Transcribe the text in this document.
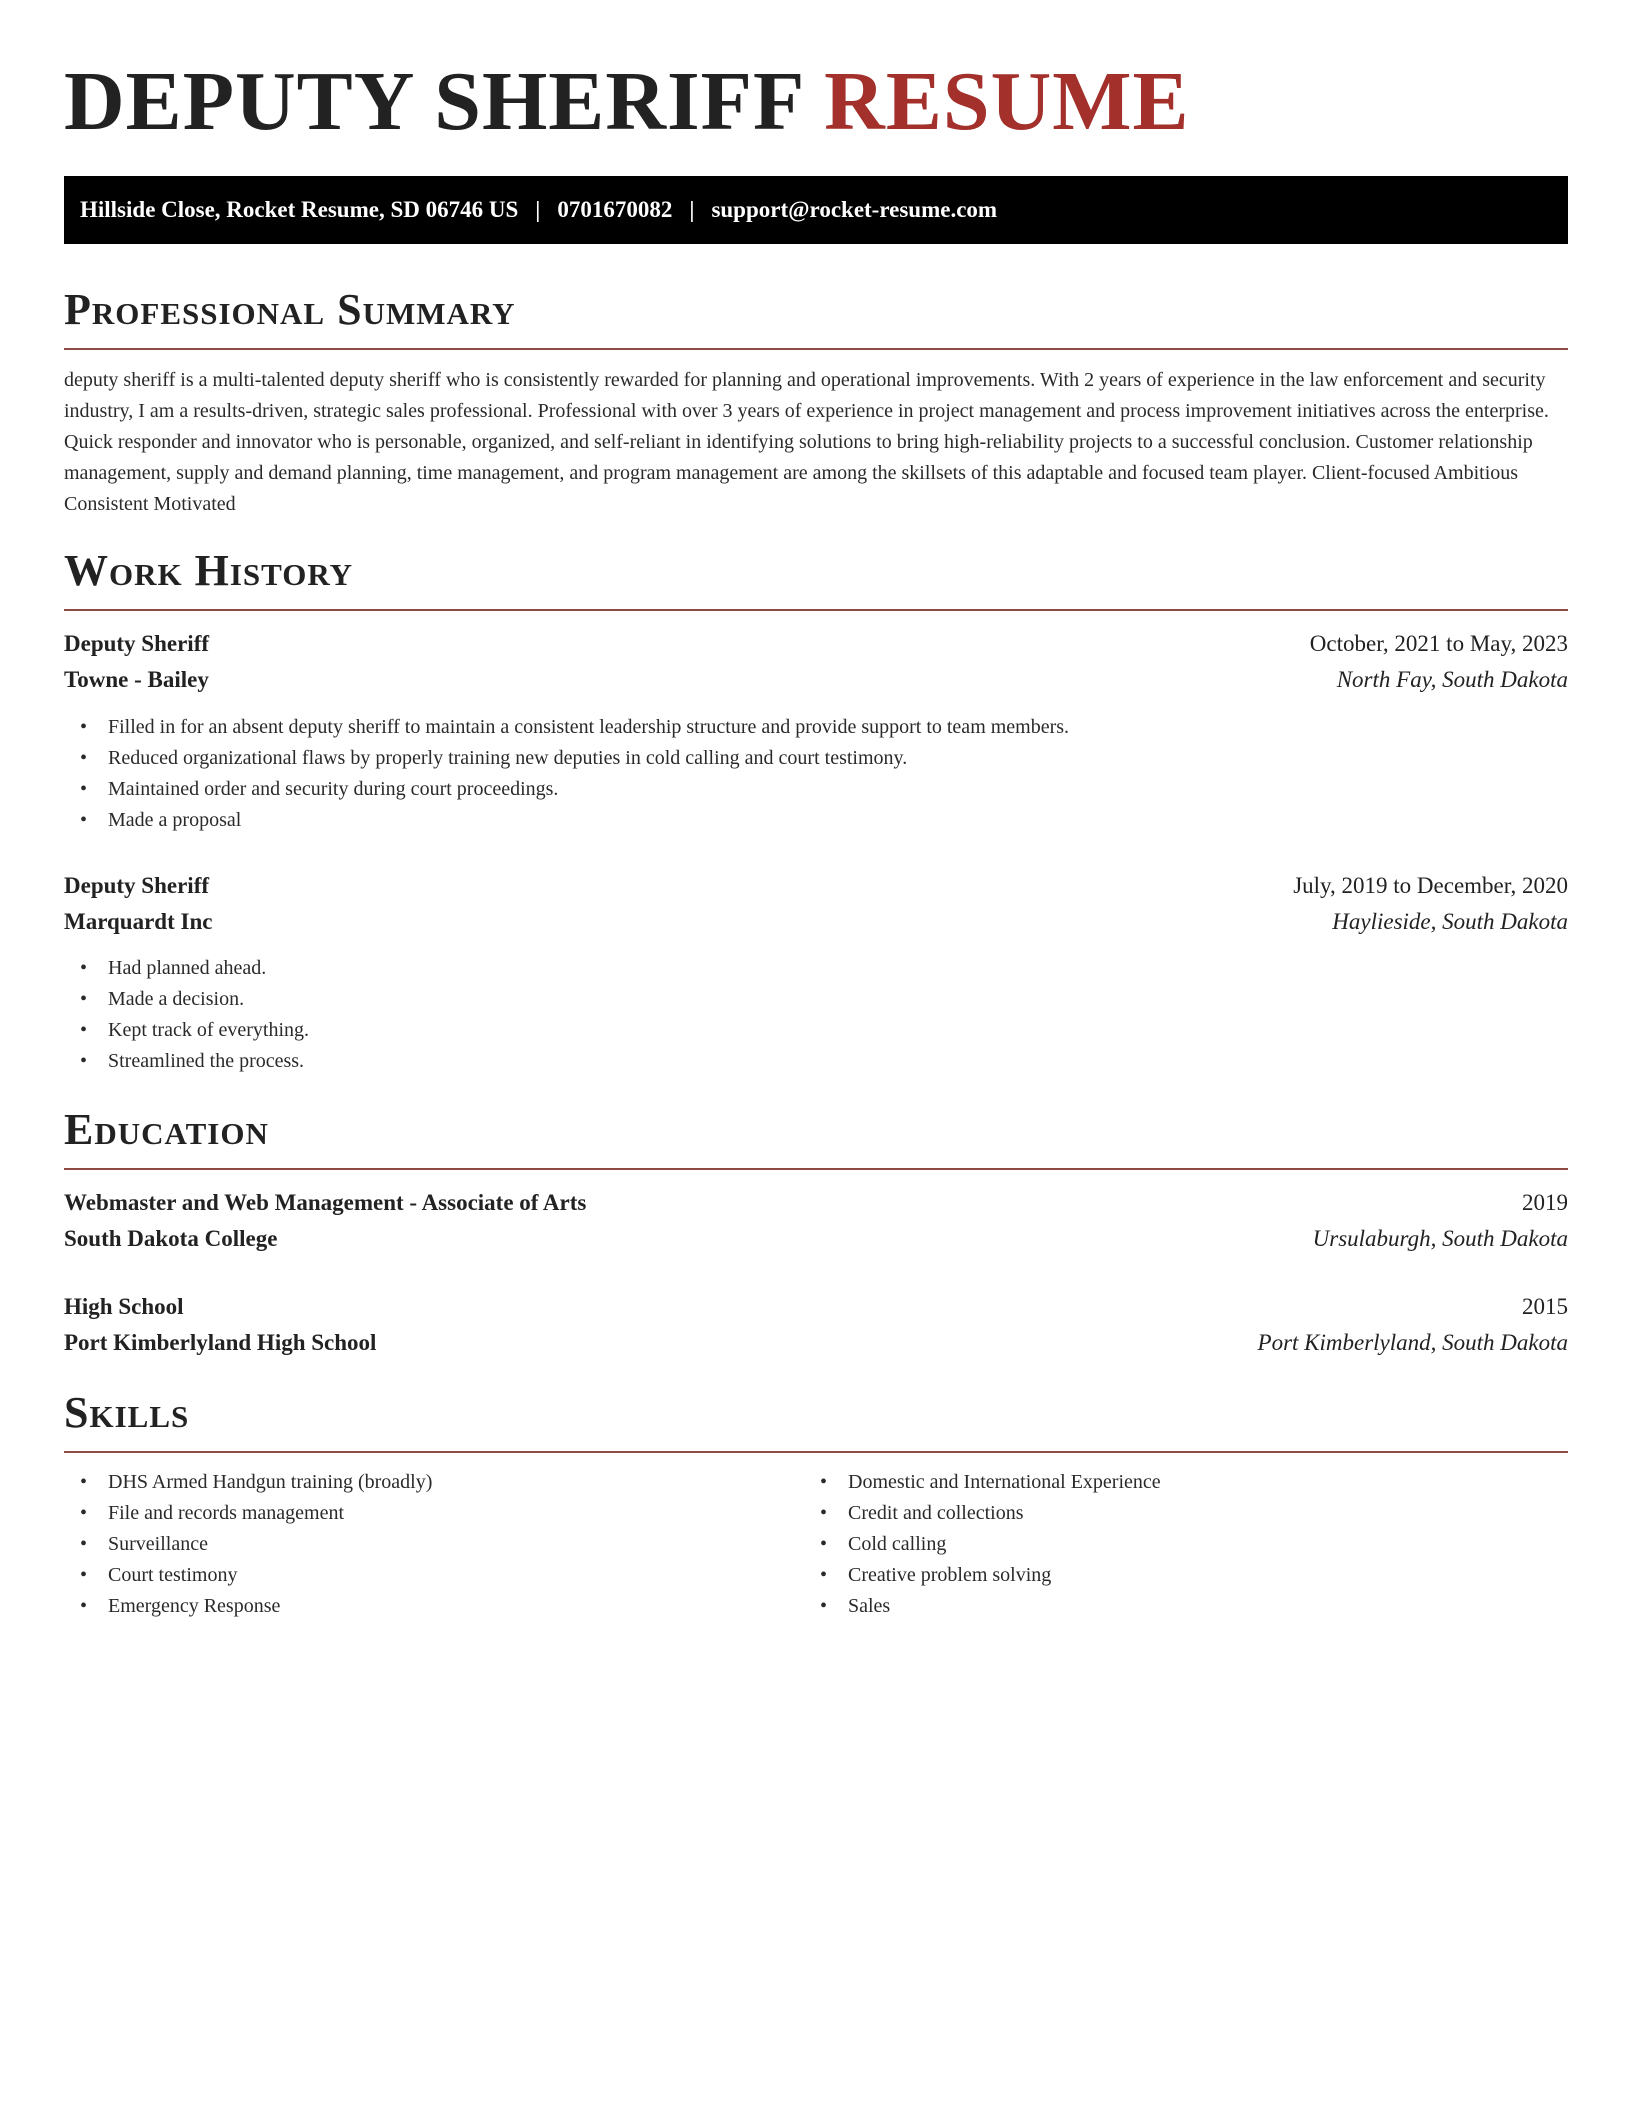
DEPUTY SHERIFF RESUME
Hillside Close, Rocket Resume, SD 06746 US | 0701670082 | support@rocket-resume.com
Professional Summary

deputy sheriff is a multi-talented deputy sheriff who is consistently rewarded for planning and operational improvements. With 2 years of experience in the law enforcement and security industry, I am a results-driven, strategic sales professional. Professional with over 3 years of experience in project management and process improvement initiatives across the enterprise. Quick responder and innovator who is personable, organized, and self-reliant in identifying solutions to bring high-reliability projects to a successful conclusion. Customer relationship management, supply and demand planning, time management, and program management are among the skillsets of this adaptable and focused team player. Client-focused Ambitious Consistent Motivated

Work History
Deputy Sheriff	October, 2021 to May, 2023
Towne - Bailey	North Fay, South Dakota
• Filled in for an absent deputy sheriff to maintain a consistent leadership structure and provide support to team members.
• Reduced organizational flaws by properly training new deputies in cold calling and court testimony.
• Maintained order and security during court proceedings.
• Made a proposal
Deputy Sheriff	July, 2019 to December, 2020
Marquardt Inc	Haylieside, South Dakota
• Had planned ahead.
• Made a decision.
• Kept track of everything.
• Streamlined the process.
Education
Webmaster and Web Management - Associate of Arts	2019
South Dakota College	Ursulaburgh, South Dakota
High School	2015
Port Kimberlyland High School	Port Kimberlyland, South Dakota
Skills
• DHS Armed Handgun training (broadly)
• File and records management
• Surveillance
• Court testimony
• Emergency Response
• Domestic and International Experience
• Credit and collections
• Cold calling
• Creative problem solving
• Sales
